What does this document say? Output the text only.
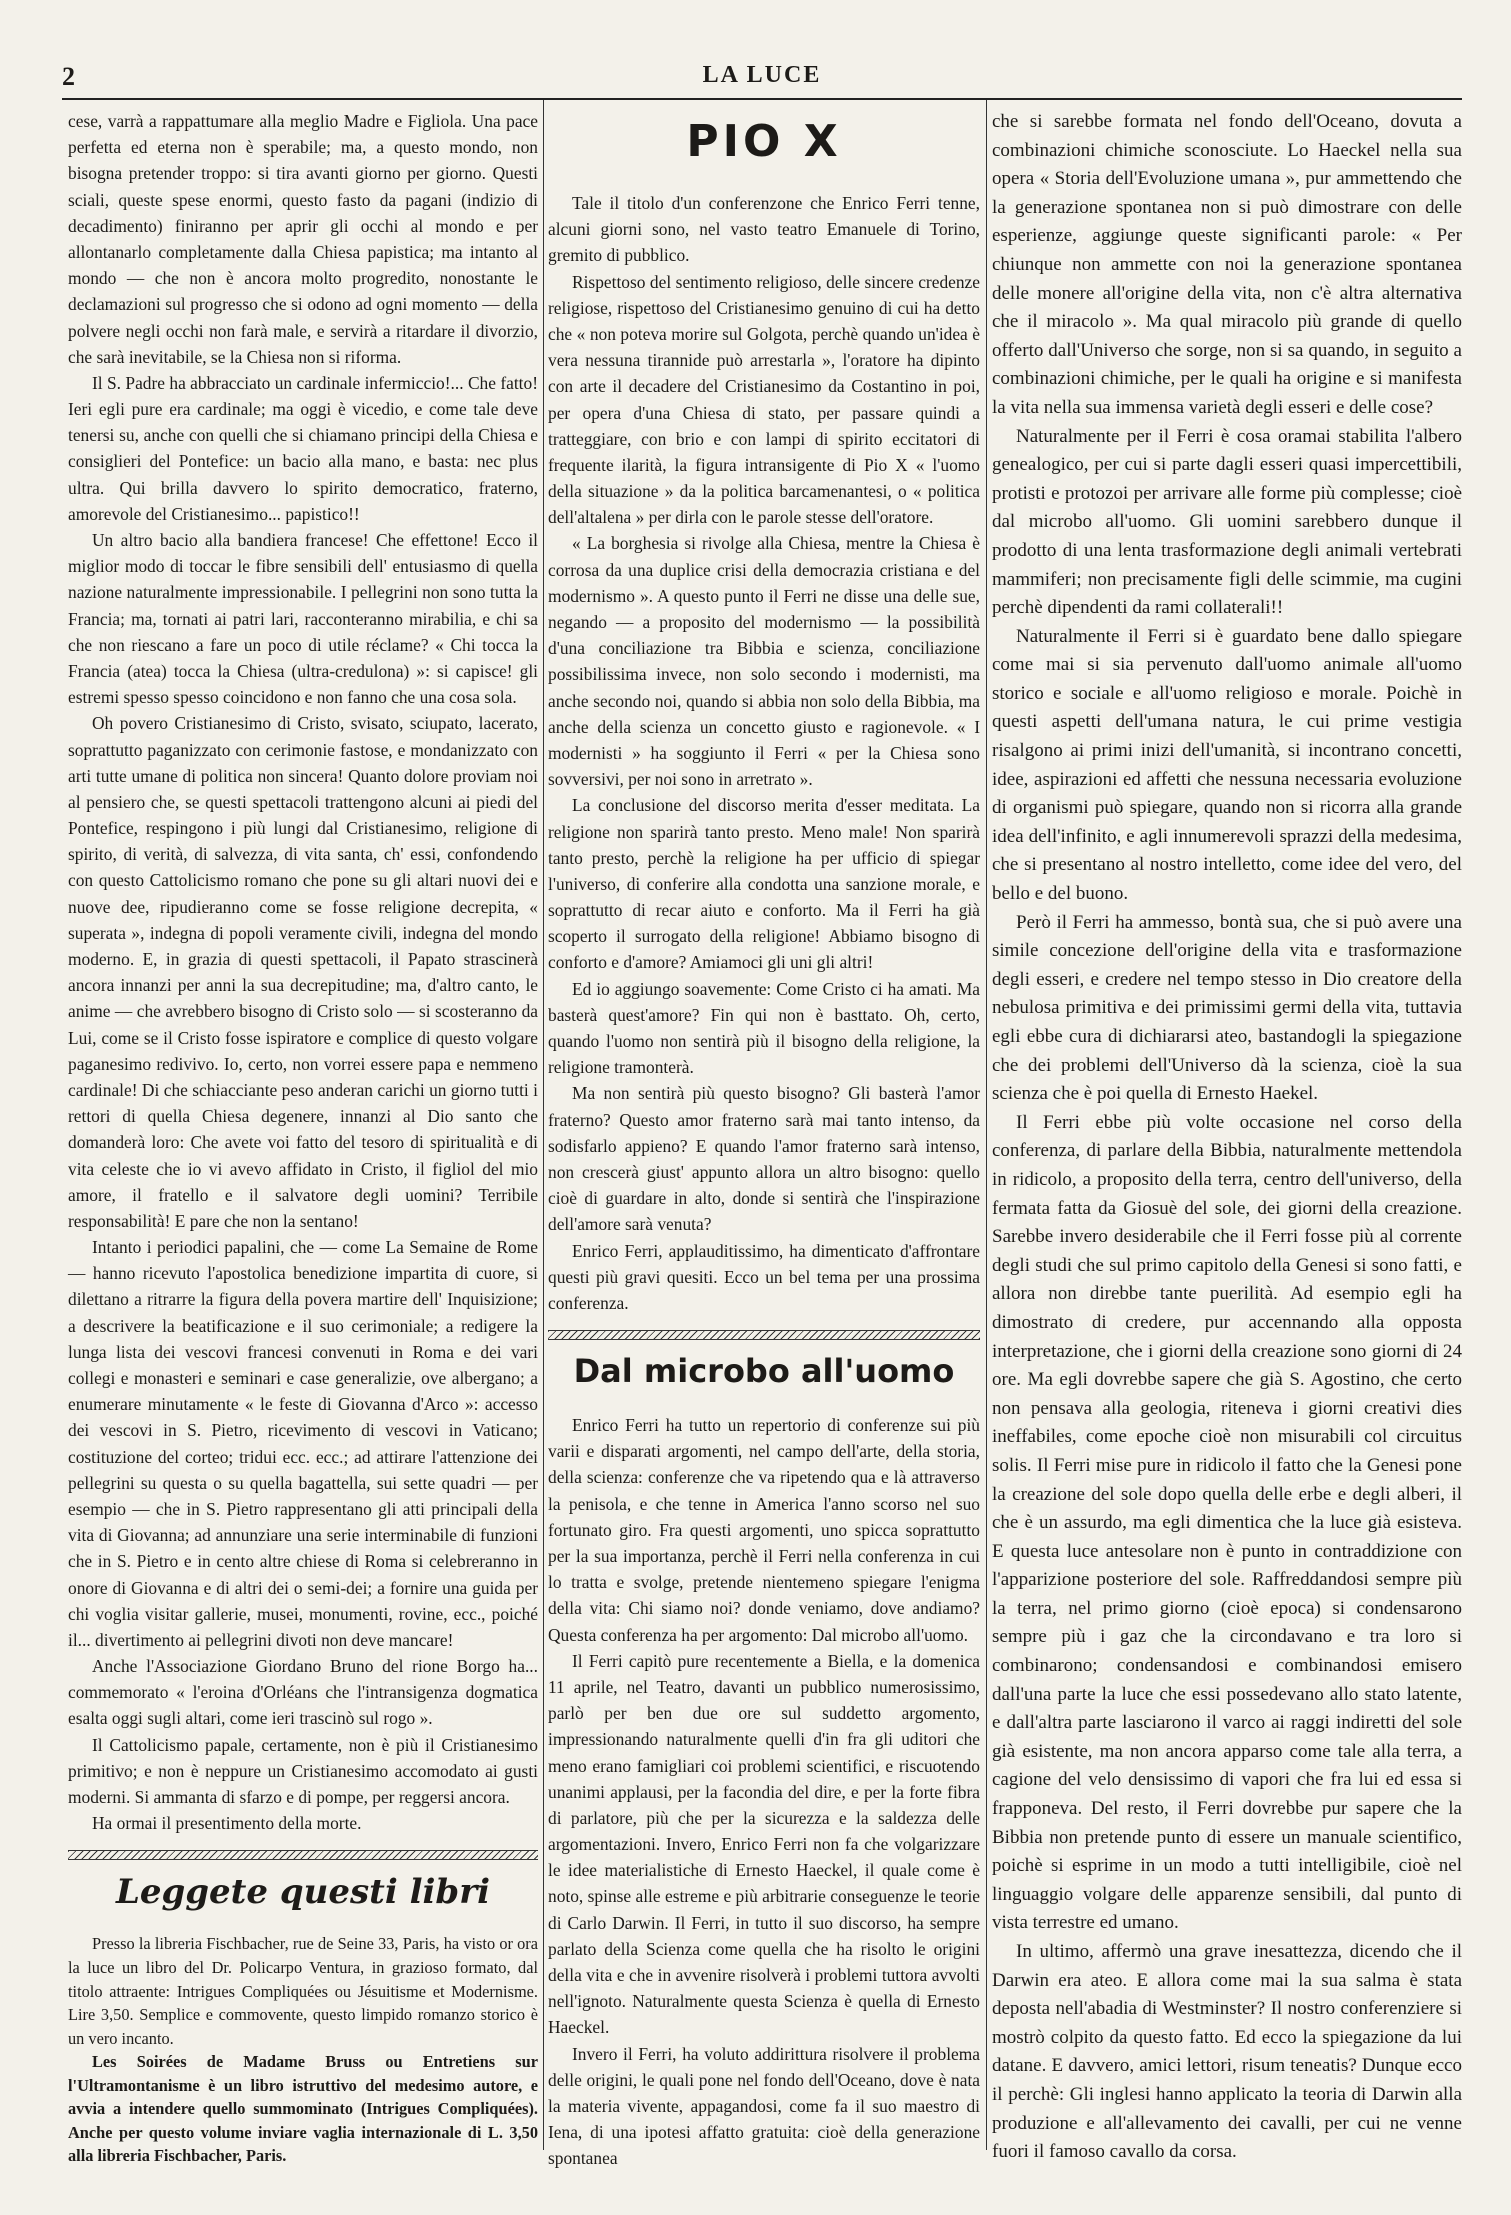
2	LA LUCE

cese, varrà a rappattumare alla meglio Madre e Figliola. Una pace perfetta ed eterna non è sperabile; ma, a questo mondo, non bisogna pretender troppo: si tira avanti giorno per giorno. Questi sciali, queste spese enormi, questo fasto da pagani (indizio di decadimento) finiranno per aprir gli occhi al mondo e per allontanarlo completamente dalla Chiesa papistica; ma intanto al mondo — che non è ancora molto progredito, nonostante le declamazioni sul progresso che si odono ad ogni momento — della polvere negli occhi non farà male, e servirà a ritardare il divorzio, che sarà inevitabile, se la Chiesa non si riforma.

Il S. Padre ha abbracciato un cardinale infermiccio!... Che fatto! Ieri egli pure era cardinale; ma oggi è vicedio, e come tale deve tenersi su, anche con quelli che si chiamano principi della Chiesa e consiglieri del Pontefice: un bacio alla mano, e basta: nec plus ultra. Qui brilla davvero lo spirito democratico, fraterno, amorevole del Cristianesimo... papistico!!

Un altro bacio alla bandiera francese! Che effettone! Ecco il miglior modo di toccar le fibre sensibili dell' entusiasmo di quella nazione naturalmente impressionabile. I pellegrini non sono tutta la Francia; ma, tornati ai patri lari, racconteranno mirabilia, e chi sa che non riescano a fare un poco di utile réclame? « Chi tocca la Francia (atea) tocca la Chiesa (ultra-credulona) »: si capisce! gli estremi spesso spesso coincidono e non fanno che una cosa sola.

Oh povero Cristianesimo di Cristo, svisato, sciupato, lacerato, soprattutto paganizzato con cerimonie fastose, e mondanizzato con arti tutte umane di politica non sincera! Quanto dolore proviam noi al pensiero che, se questi spettacoli trattengono alcuni ai piedi del Pontefice, respingono i più lungi dal Cristianesimo, religione di spirito, di verità, di salvezza, di vita santa, ch' essi, confondendo con questo Cattolicismo romano che pone su gli altari nuovi dei e nuove dee, ripudieranno come se fosse religione decrepita, « superata », indegna di popoli veramente civili, indegna del mondo moderno. E, in grazia di questi spettacoli, il Papato strascinerà ancora innanzi per anni la sua decrepitudine; ma, d'altro canto, le anime — che avrebbero bisogno di Cristo solo — si scosteranno da Lui, come se il Cristo fosse ispiratore e complice di questo volgare paganesimo redivivo. Io, certo, non vorrei essere papa e nemmeno cardinale! Di che schiacciante peso anderan carichi un giorno tutti i rettori di quella Chiesa degenere, innanzi al Dio santo che domanderà loro: Che avete voi fatto del tesoro di spiritualità e di vita celeste che io vi avevo affidato in Cristo, il figliol del mio amore, il fratello e il salvatore degli uomini? Terribile responsabilità! E pare che non la sentano!

Intanto i periodici papalini, che — come La Semaine de Rome — hanno ricevuto l'apostolica benedizione impartita di cuore, si dilettano a ritrarre la figura della povera martire dell' Inquisizione; a descrivere la beatificazione e il suo cerimoniale; a redigere la lunga lista dei vescovi francesi convenuti in Roma e dei vari collegi e monasteri e seminari e case generalizie, ove albergano; a enumerare minutamente « le feste di Giovanna d'Arco »: accesso dei vescovi in S. Pietro, ricevimento di vescovi in Vaticano; costituzione del corteo; tridui ecc. ecc.; ad attirare l'attenzione dei pellegrini su questa o su quella bagattella, sui sette quadri — per esempio — che in S. Pietro rappresentano gli atti principali della vita di Giovanna; ad annunziare una serie interminabile di funzioni che in S. Pietro e in cento altre chiese di Roma si celebreranno in onore di Giovanna e di altri dei o semi-dei; a fornire una guida per chi voglia visitar gallerie, musei, monumenti, rovine, ecc., poiché il... divertimento ai pellegrini divoti non deve mancare!

Anche l'Associazione Giordano Bruno del rione Borgo ha... commemorato « l'eroina d'Orléans che l'intransigenza dogmatica esalta oggi sugli altari, come ieri trascinò sul rogo ».

Il Cattolicismo papale, certamente, non è più il Cristianesimo primitivo; e non è neppure un Cristianesimo accomodato ai gusti moderni. Si ammanta di sfarzo e di pompe, per reggersi ancora.

Ha ormai il presentimento della morte.

Leggete questi libri

Presso la libreria Fischbacher, rue de Seine 33, Paris, ha visto or ora la luce un libro del Dr. Policarpo Ventura, in grazioso formato, dal titolo attraente: Intrigues Compliquées ou Jésuitisme et Modernisme. Lire 3,50. Semplice e commovente, questo limpido romanzo storico è un vero incanto.

Les Soirées de Madame Bruss ou Entretiens sur l'Ultramontanisme è un libro istruttivo del medesimo autore, e avvia a intendere quello summominato (Intrigues Compliquées). Anche per questo volume inviare vaglia internazionale di L. 3,50 alla libreria Fischbacher, Paris.

PIO X

Tale il titolo d'un conferenzone che Enrico Ferri tenne, alcuni giorni sono, nel vasto teatro Emanuele di Torino, gremito di pubblico.

Rispettoso del sentimento religioso, delle sincere credenze religiose, rispettoso del Cristianesimo genuino di cui ha detto che « non poteva morire sul Golgota, perchè quando un'idea è vera nessuna tirannide può arrestarla », l'oratore ha dipinto con arte il decadere del Cristianesimo da Costantino in poi, per opera d'una Chiesa di stato, per passare quindi a tratteggiare, con brio e con lampi di spirito eccitatori di frequente ilarità, la figura intransigente di Pio X « l'uomo della situazione » da la politica barcamenantesi, o « politica dell'altalena » per dirla con le parole stesse dell'oratore.

« La borghesia si rivolge alla Chiesa, mentre la Chiesa è corrosa da una duplice crisi della democrazia cristiana e del modernismo ». A questo punto il Ferri ne disse una delle sue, negando — a proposito del modernismo — la possibilità d'una conciliazione tra Bibbia e scienza, conciliazione possibilissima invece, non solo secondo i modernisti, ma anche secondo noi, quando si abbia non solo della Bibbia, ma anche della scienza un concetto giusto e ragionevole. « I modernisti » ha soggiunto il Ferri « per la Chiesa sono sovversivi, per noi sono in arretrato ».

La conclusione del discorso merita d'esser meditata. La religione non sparirà tanto presto. Meno male! Non sparirà tanto presto, perchè la religione ha per ufficio di spiegar l'universo, di conferire alla condotta una sanzione morale, e soprattutto di recar aiuto e conforto. Ma il Ferri ha già scoperto il surrogato della religione! Abbiamo bisogno di conforto e d'amore? Amiamoci gli uni gli altri!

Ed io aggiungo soavemente: Come Cristo ci ha amati. Ma basterà quest'amore? Fin qui non è basttato. Oh, certo, quando l'uomo non sentirà più il bisogno della religione, la religione tramonterà.

Ma non sentirà più questo bisogno? Gli basterà l'amor fraterno? Questo amor fraterno sarà mai tanto intenso, da sodisfarlo appieno? E quando l'amor fraterno sarà intenso, non crescerà giust' appunto allora un altro bisogno: quello cioè di guardare in alto, donde si sentirà che l'inspirazione dell'amore sarà venuta?

Enrico Ferri, applauditissimo, ha dimenticato d'affrontare questi più gravi quesiti. Ecco un bel tema per una prossima conferenza.

Dal microbo all'uomo

Enrico Ferri ha tutto un repertorio di conferenze sui più varii e disparati argomenti, nel campo dell'arte, della storia, della scienza: conferenze che va ripetendo qua e là attraverso la penisola, e che tenne in America l'anno scorso nel suo fortunato giro. Fra questi argomenti, uno spicca soprattutto per la sua importanza, perchè il Ferri nella conferenza in cui lo tratta e svolge, pretende nientemeno spiegare l'enigma della vita: Chi siamo noi? donde veniamo, dove andiamo? Questa conferenza ha per argomento: Dal microbo all'uomo.

Il Ferri capitò pure recentemente a Biella, e la domenica 11 aprile, nel Teatro, davanti un pubblico numerosissimo, parlò per ben due ore sul suddetto argomento, impressionando naturalmente quelli d'in fra gli uditori che meno erano famigliari coi problemi scientifici, e riscuotendo unanimi applausi, per la facondia del dire, e per la forte fibra di parlatore, più che per la sicurezza e la saldezza delle argomentazioni. Invero, Enrico Ferri non fa che volgarizzare le idee materialistiche di Ernesto Haeckel, il quale come è noto, spinse alle estreme e più arbitrarie conseguenze le teorie di Carlo Darwin. Il Ferri, in tutto il suo discorso, ha sempre parlato della Scienza come quella che ha risolto le origini della vita e che in avvenire risolverà i problemi tuttora avvolti nell'ignoto. Naturalmente questa Scienza è quella di Ernesto Haeckel.

Invero il Ferri, ha voluto addirittura risolvere il problema delle origini, le quali pone nel fondo dell'Oceano, dove è nata la materia vivente, appagandosi, come fa il suo maestro di Iena, di una ipotesi affatto gratuita: cioè della generazione spontanea

che si sarebbe formata nel fondo dell'Oceano, dovuta a combinazioni chimiche sconosciute. Lo Haeckel nella sua opera « Storia dell'Evoluzione umana », pur ammettendo che la generazione spontanea non si può dimostrare con delle esperienze, aggiunge queste significanti parole: « Per chiunque non ammette con noi la generazione spontanea delle monere all'origine della vita, non c'è altra alternativa che il miracolo ». Ma qual miracolo più grande di quello offerto dall'Universo che sorge, non si sa quando, in seguito a combinazioni chimiche, per le quali ha origine e si manifesta la vita nella sua immensa varietà degli esseri e delle cose?

Naturalmente per il Ferri è cosa oramai stabilita l'albero genealogico, per cui si parte dagli esseri quasi impercettibili, protisti e protozoi per arrivare alle forme più complesse; cioè dal microbo all'uomo. Gli uomini sarebbero dunque il prodotto di una lenta trasformazione degli animali vertebrati mammiferi; non precisamente figli delle scimmie, ma cugini perchè dipendenti da rami collaterali!!

Naturalmente il Ferri si è guardato bene dallo spiegare come mai si sia pervenuto dall'uomo animale all'uomo storico e sociale e all'uomo religioso e morale. Poichè in questi aspetti dell'umana natura, le cui prime vestigia risalgono ai primi inizi dell'umanità, si incontrano concetti, idee, aspirazioni ed affetti che nessuna necessaria evoluzione di organismi può spiegare, quando non si ricorra alla grande idea dell'infinito, e agli innumerevoli sprazzi della medesima, che si presentano al nostro intelletto, come idee del vero, del bello e del buono.

Però il Ferri ha ammesso, bontà sua, che si può avere una simile concezione dell'origine della vita e trasformazione degli esseri, e credere nel tempo stesso in Dio creatore della nebulosa primitiva e dei primissimi germi della vita, tuttavia egli ebbe cura di dichiararsi ateo, bastandogli la spiegazione che dei problemi dell'Universo dà la scienza, cioè la sua scienza che è poi quella di Ernesto Haekel.

Il Ferri ebbe più volte occasione nel corso della conferenza, di parlare della Bibbia, naturalmente mettendola in ridicolo, a proposito della terra, centro dell'universo, della fermata fatta da Giosuè del sole, dei giorni della creazione. Sarebbe invero desiderabile che il Ferri fosse più al corrente degli studi che sul primo capitolo della Genesi si sono fatti, e allora non direbbe tante puerilità. Ad esempio egli ha dimostrato di credere, pur accennando alla opposta interpretazione, che i giorni della creazione sono giorni di 24 ore. Ma egli dovrebbe sapere che già S. Agostino, che certo non pensava alla geologia, riteneva i giorni creativi dies ineffabiles, come epoche cioè non misurabili col circuitus solis. Il Ferri mise pure in ridicolo il fatto che la Genesi pone la creazione del sole dopo quella delle erbe e degli alberi, il che è un assurdo, ma egli dimentica che la luce già esisteva. E questa luce antesolare non è punto in contraddizione con l'apparizione posteriore del sole. Raffreddandosi sempre più la terra, nel primo giorno (cioè epoca) si condensarono sempre più i gaz che la circondavano e tra loro si combinarono; condensandosi e combinandosi emisero dall'una parte la luce che essi possedevano allo stato latente, e dall'altra parte lasciarono il varco ai raggi indiretti del sole già esistente, ma non ancora apparso come tale alla terra, a cagione del velo densissimo di vapori che fra lui ed essa si frapponeva. Del resto, il Ferri dovrebbe pur sapere che la Bibbia non pretende punto di essere un manuale scientifico, poichè si esprime in un modo a tutti intelligibile, cioè nel linguaggio volgare delle apparenze sensibili, dal punto di vista terrestre ed umano.

In ultimo, affermò una grave inesattezza, dicendo che il Darwin era ateo. E allora come mai la sua salma è stata deposta nell'abadia di Westminster? Il nostro conferenziere si mostrò colpito da questo fatto. Ed ecco la spiegazione da lui datane. E davvero, amici lettori, risum teneatis? Dunque ecco il perchè: Gli inglesi hanno applicato la teoria di Darwin alla produzione e all'allevamento dei cavalli, per cui ne venne fuori il famoso cavallo da corsa.
